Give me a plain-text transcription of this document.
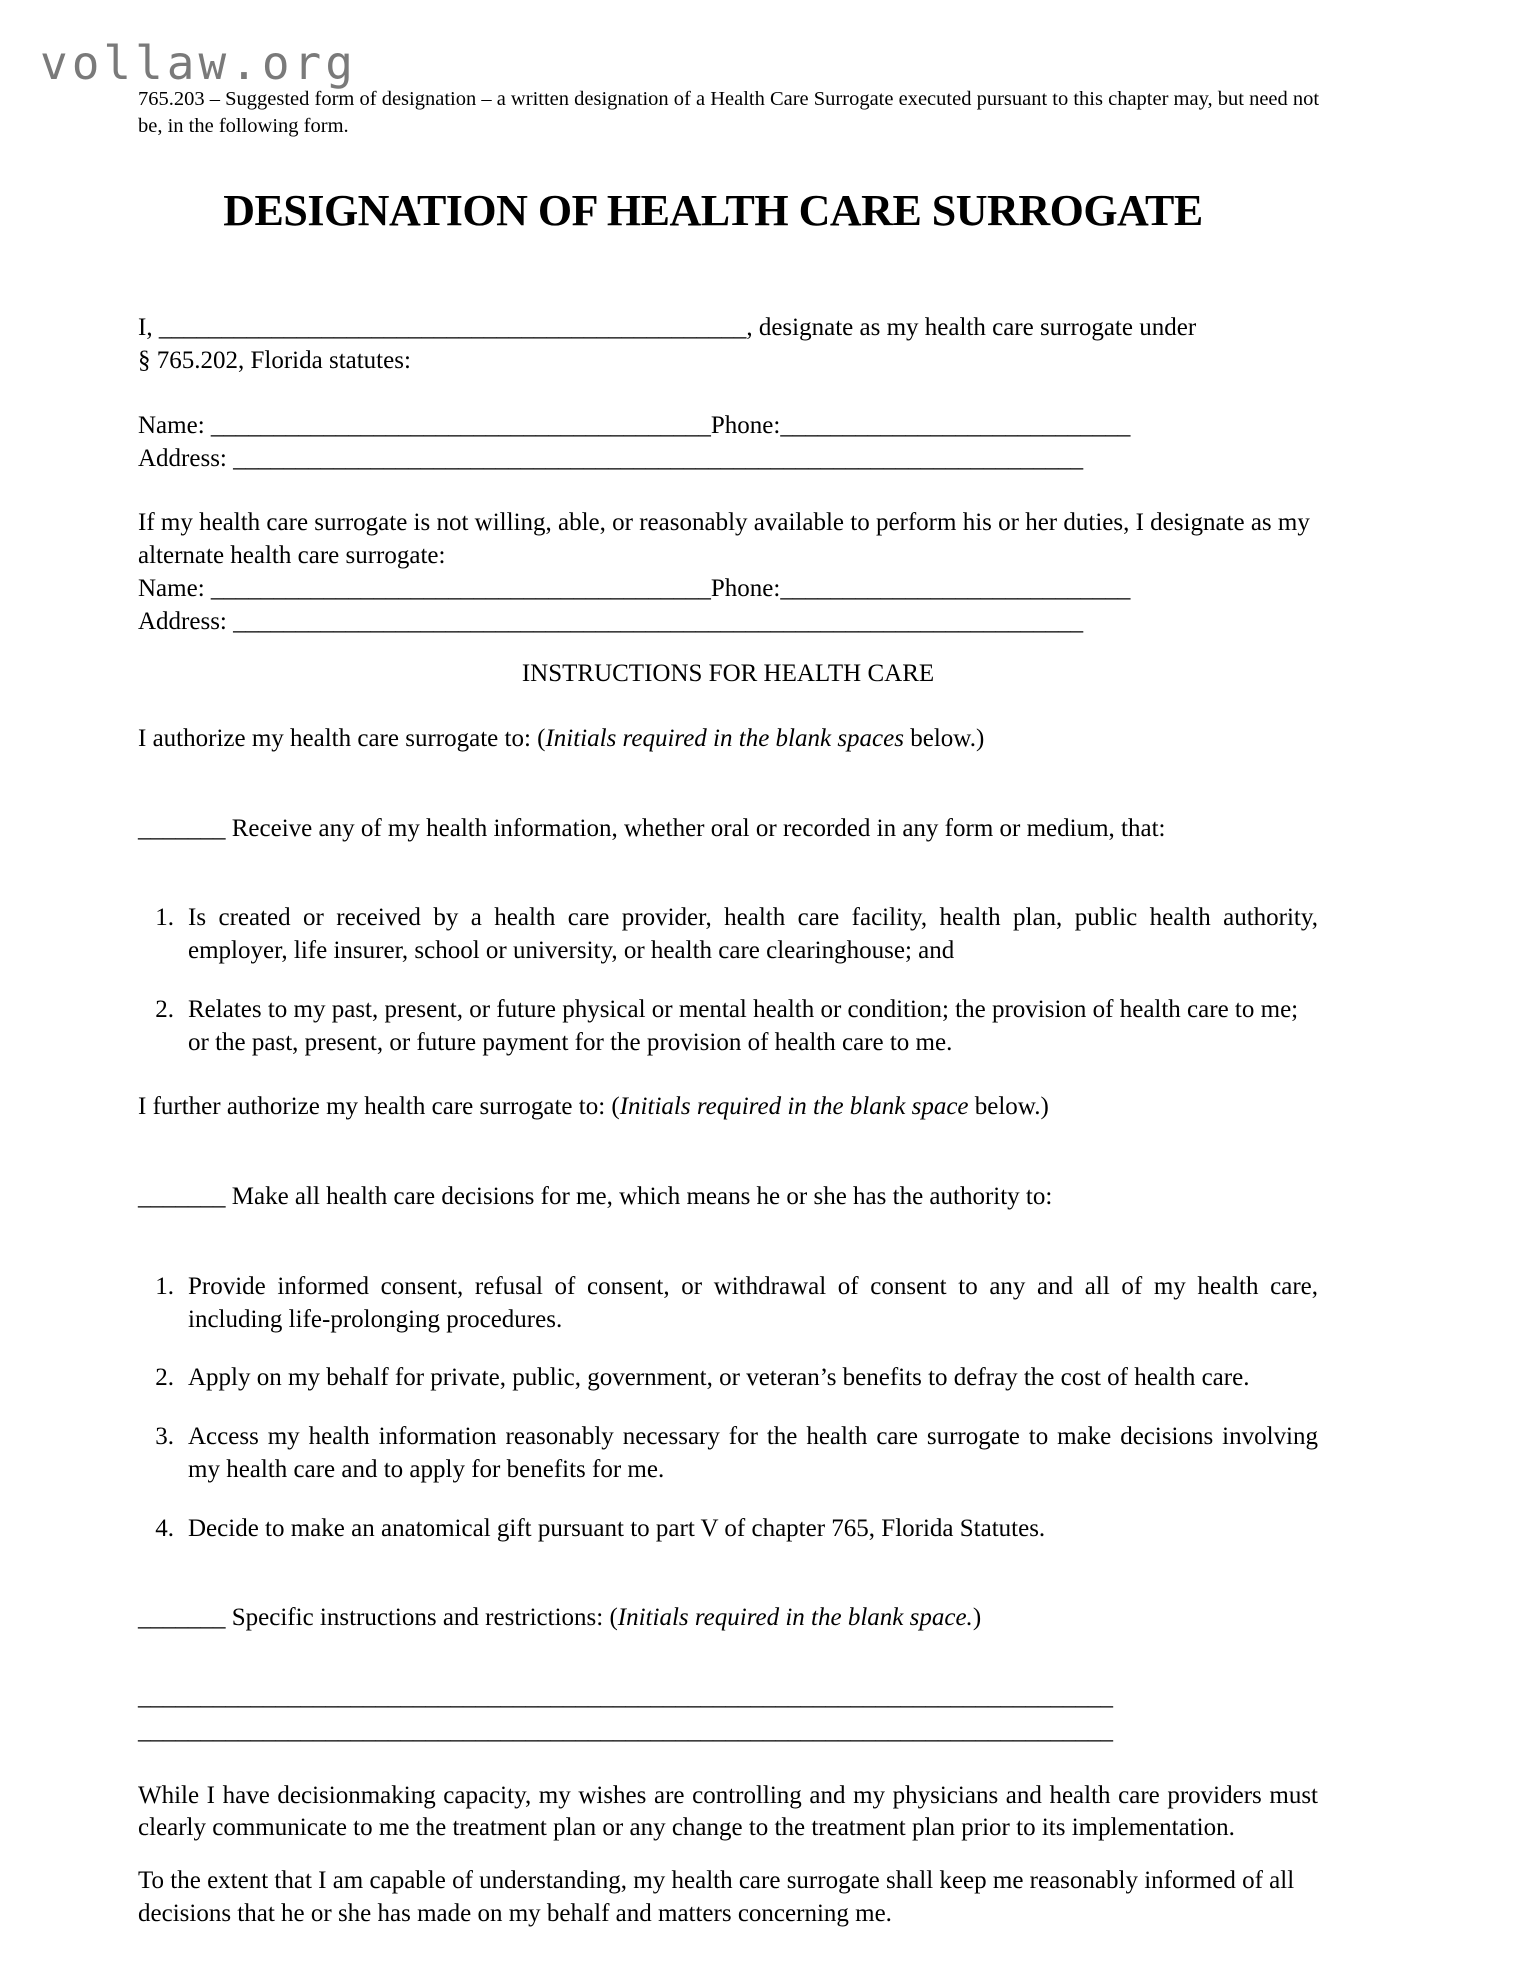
vollaw.org

765.203 – Suggested form of designation – a written designation of a Health Care Surrogate executed pursuant to this chapter may, but need not be, in the following form.

DESIGNATION OF HEALTH CARE SURROGATE

I, _______________________________________________, designate as my health care surrogate under

§ 765.202, Florida statutes:

Name: ________________________________________Phone:____________________________
Address: ____________________________________________________________________

If my health care surrogate is not willing, able, or reasonably available to perform his or her duties, I designate as my alternate health care surrogate:

Name: ________________________________________Phone:____________________________
Address: ____________________________________________________________________

INSTRUCTIONS FOR HEALTH CARE

I authorize my health care surrogate to: (Initials required in the blank spaces below.)

_______ Receive any of my health information, whether oral or recorded in any form or medium, that:

1. Is created or received by a health care provider, health care facility, health plan, public health authority, employer, life insurer, school or university, or health care clearinghouse; and
2. Relates to my past, present, or future physical or mental health or condition; the provision of health care to me; or the past, present, or future payment for the provision of health care to me.

I further authorize my health care surrogate to: (Initials required in the blank space below.)

_______ Make all health care decisions for me, which means he or she has the authority to:

1. Provide informed consent, refusal of consent, or withdrawal of consent to any and all of my health care, including life-prolonging procedures.
2. Apply on my behalf for private, public, government, or veteran’s benefits to defray the cost of health care.
3. Access my health information reasonably necessary for the health care surrogate to make decisions involving my health care and to apply for benefits for me.
4. Decide to make an anatomical gift pursuant to part V of chapter 765, Florida Statutes.

_______ Specific instructions and restrictions: (Initials required in the blank space.)

______________________________________________________________________________
______________________________________________________________________________

While I have decisionmaking capacity, my wishes are controlling and my physicians and health care providers must clearly communicate to me the treatment plan or any change to the treatment plan prior to its implementation.

To the extent that I am capable of understanding, my health care surrogate shall keep me reasonably informed of all decisions that he or she has made on my behalf and matters concerning me.
